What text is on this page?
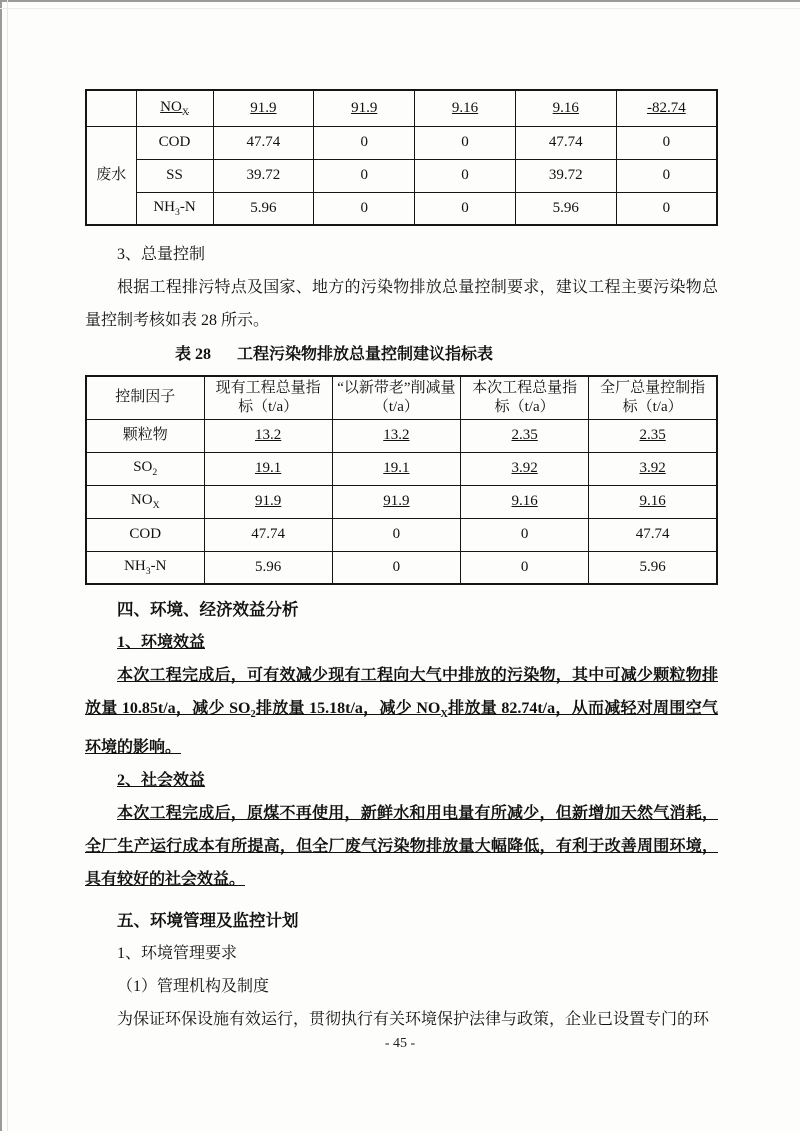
	$NO_X$	91.9	91.9	9.16	9.16	-82.74
废水	COD	47.74	0	0	47.74	0
	SS	39.72	0	0	39.72	0
	$NH_3-N$	5.96	0	0	5.96	0

3、总量控制

根据工程排污特点及国家、地方的污染物排放总量控制要求，建议工程主要污染物总量控制考核如表 28 所示。

表 28 工程污染物排放总量控制建议指标表

控制因子	现有工程总量指标（t/a）	“以新带老”削减量（t/a）	本次工程总量指标（t/a）	全厂总量控制指标（t/a）
颗粒物	13.2	13.2	2.35	2.35
$SO_2$	19.1	19.1	3.92	3.92
$NO_X$	91.9	91.9	9.16	9.16
COD	47.74	0	0	47.74
$NH_3-N$	5.96	0	0	5.96

四、环境、经济效益分析

1、环境效益

本次工程完成后，可有效减少现有工程向大气中排放的污染物，其中可减少颗粒物排放量 10.85t/a，减少 $SO_2$排放量 15.18t/a，减少 $NO_X$排放量 82.74t/a，从而减轻对周围空气环境的影响。

2、社会效益

本次工程完成后，原煤不再使用，新鲜水和用电量有所减少，但新增加天然气消耗，全厂生产运行成本有所提高，但全厂废气污染物排放量大幅降低，有利于改善周围环境，具有较好的社会效益。

五、环境管理及监控计划

1、环境管理要求

（1）管理机构及制度

为保证环保设施有效运行，贯彻执行有关环境保护法律与政策，企业已设置专门的环

- 45 -
